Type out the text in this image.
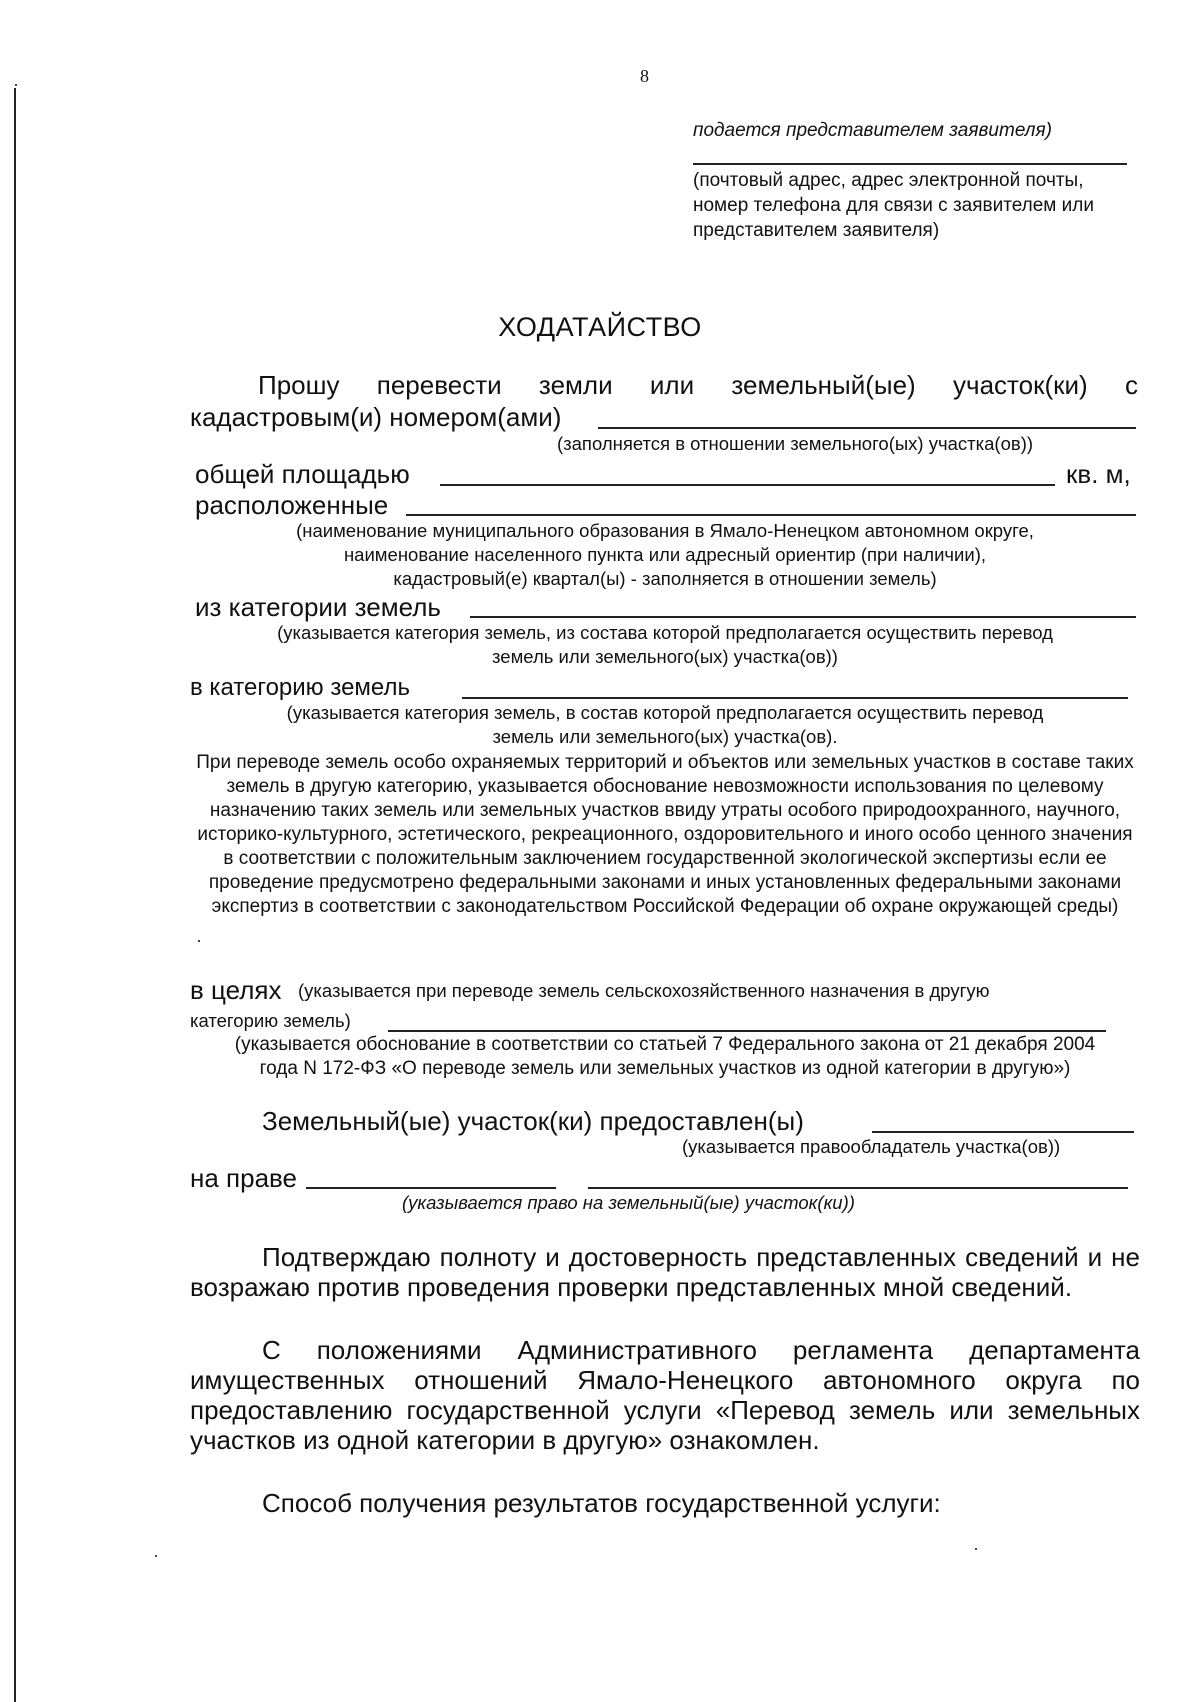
8
подается представителем заявителя)
(почтовый адрес, адрес электронной почты, номер телефона для связи с заявителем или представителем заявителя)
ХОДАТАЙСТВО
Прошу перевести земли или земельный(ые) участок(ки) с
кадастровым(и) номером(ами)
(заполняется в отношении земельного(ых) участка(ов))
общей площадью	кв. м,
расположенные
(наименование муниципального образования в Ямало-Ненецком автономном округе,
наименование населенного пункта или адресный ориентир (при наличии),
кадастровый(е) квартал(ы) - заполняется в отношении земель)
из категории земель
(указывается категория земель, из состава которой предполагается осуществить перевод
земель или земельного(ых) участка(ов))
в категорию земель
(указывается категория земель, в состав которой предполагается осуществить перевод
земель или земельного(ых) участка(ов).
При переводе земель особо охраняемых территорий и объектов или земельных участков в составе таких земель в другую категорию, указывается обоснование невозможности использования по целевому назначению таких земель или земельных участков ввиду утраты особого природоохранного, научного, историко-культурного, эстетического, рекреационного, оздоровительного и иного особо ценного значения в соответствии с положительным заключением государственной экологической экспертизы если ее проведение предусмотрено федеральными законами и иных установленных федеральными законами экспертиз в соответствии с законодательством Российской Федерации об охране окружающей среды)
в целях (указывается при переводе земель сельскохозяйственного назначения в другую
категорию земель)
(указывается обоснование в соответствии со статьей 7 Федерального закона от 21 декабря 2004 года N 172-ФЗ «О переводе земель или земельных участков из одной категории в другую»)
Земельный(ые) участок(ки) предоставлен(ы)
(указывается правообладатель участка(ов))
на праве
(указывается право на земельный(ые) участок(ки))
Подтверждаю полноту и достоверность представленных сведений и не возражаю против проведения проверки представленных мной сведений.
С положениями Административного регламента департамента имущественных отношений Ямало-Ненецкого автономного округа по предоставлению государственной услуги «Перевод земель или земельных участков из одной категории в другую» ознакомлен.
Способ получения результатов государственной услуги:
